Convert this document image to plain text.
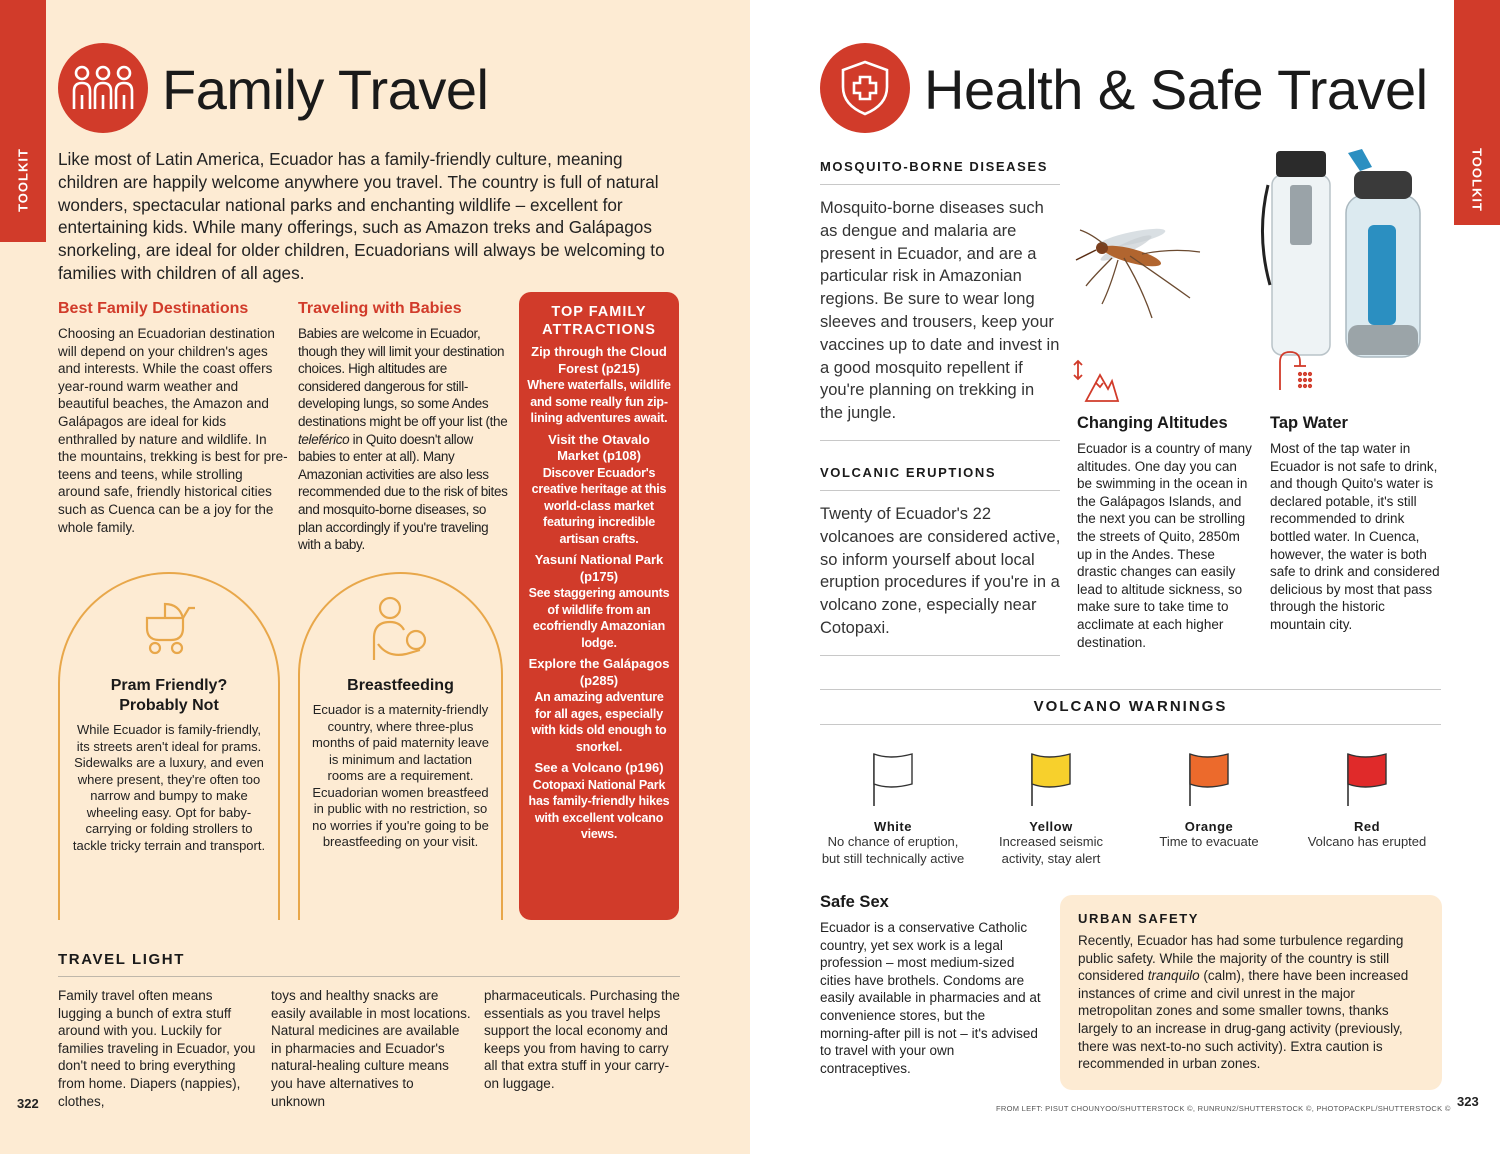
TOOLKIT
Family Travel
Like most of Latin America, Ecuador has a family-friendly culture, meaning children are happily welcome anywhere you travel. The country is full of natural wonders, spectacular national parks and enchanting wildlife – excellent for entertaining kids. While many offerings, such as Amazon treks and Galápagos snorkeling, are ideal for older children, Ecuadorians will always be welcoming to families with children of all ages.
Best Family Destinations
Choosing an Ecuadorian destination will depend on your children's ages and interests. While the coast offers year-round warm weather and beautiful beaches, the Amazon and Galápagos are ideal for kids enthralled by nature and wildlife. In the mountains, trekking is best for pre-teens and teens, while strolling around safe, friendly historical cities such as Cuenca can be a joy for the whole family.
Traveling with Babies
Babies are welcome in Ecuador, though they will limit your destination choices. High altitudes are considered dangerous for still-developing lungs, so some Andes destinations might be off your list (the teleférico in Quito doesn't allow babies to enter at all). Many Amazonian activities are also less recommended due to the risk of bites and mosquito-borne diseases, so plan accordingly if you're traveling with a baby.
Pram Friendly?
Probably Not
While Ecuador is family-friendly, its streets aren't ideal for prams. Sidewalks are a luxury, and even where present, they're often too narrow and bumpy to make wheeling easy. Opt for baby-carrying or folding strollers to tackle tricky terrain and transport.
Breastfeeding
Ecuador is a maternity-friendly country, where three-plus months of paid maternity leave is minimum and lactation rooms are a requirement. Ecuadorian women breastfeed in public with no restriction, so no worries if you're going to be breastfeeding on your visit.
TOP FAMILY ATTRACTIONS
Zip through the Cloud Forest (p215)
Where waterfalls, wildlife and some really fun zip-lining adventures await.
Visit the Otavalo Market (p108)
Discover Ecuador's creative heritage at this world-class market featuring incredible artisan crafts.
Yasuní National Park (p175)
See staggering amounts of wildlife from an ecofriendly Amazonian lodge.
Explore the Galápagos (p285)
An amazing adventure for all ages, especially with kids old enough to snorkel.
See a Volcano (p196)
Cotopaxi National Park has family-friendly hikes with excellent volcano views.
TRAVEL LIGHT
Family travel often means lugging a bunch of extra stuff around with you. Luckily for families traveling in Ecuador, you don't need to bring everything from home. Diapers (nappies), clothes,
toys and healthy snacks are easily available in most locations. Natural medicines are available in pharmacies and Ecuador's natural-healing culture means you have alternatives to unknown
pharmaceuticals. Purchasing the essentials as you travel helps support the local economy and keeps you from having to carry all that extra stuff in your carry-on luggage.
322
TOOLKIT
Health & Safe Travel
MOSQUITO-BORNE DISEASES
Mosquito-borne diseases such as dengue and malaria are present in Ecuador, and are a particular risk in Amazonian regions. Be sure to wear long sleeves and trousers, keep your vaccines up to date and invest in a good mosquito repellent if you're planning on trekking in the jungle.
VOLCANIC ERUPTIONS
Twenty of Ecuador's 22 volcanoes are considered active, so inform yourself about local eruption procedures if you're in a volcano zone, especially near Cotopaxi.
Changing Altitudes
Ecuador is a country of many altitudes. One day you can be swimming in the ocean in the Galápagos Islands, and the next you can be strolling the streets of Quito, 2850m up in the Andes. These drastic changes can easily lead to altitude sickness, so make sure to take time to acclimate at each higher destination.
Tap Water
Most of the tap water in Ecuador is not safe to drink, and though Quito's water is declared potable, it's still recommended to drink bottled water. In Cuenca, however, the water is both safe to drink and considered delicious by most that pass through the historic mountain city.
VOLCANO WARNINGS
White
No chance of eruption, but still technically active
Yellow
Increased seismic activity, stay alert
Orange
Time to evacuate
Red
Volcano has erupted
Safe Sex
Ecuador is a conservative Catholic country, yet sex work is a legal profession – most medium-sized cities have brothels. Condoms are easily available in pharmacies and at convenience stores, but the morning-after pill is not – it's advised to travel with your own contraceptives.
URBAN SAFETY
Recently, Ecuador has had some turbulence regarding public safety. While the majority of the country is still considered tranquilo (calm), there have been increased instances of crime and civil unrest in the major metropolitan zones and some smaller towns, thanks largely to an increase in drug-gang activity (previously, there was next-to-no such activity). Extra caution is recommended in urban zones.
FROM LEFT: PISUT CHOUNYOO/SHUTTERSTOCK ©, RUNRUN2/SHUTTERSTOCK ©, PHOTOPACKPL/SHUTTERSTOCK © 323
